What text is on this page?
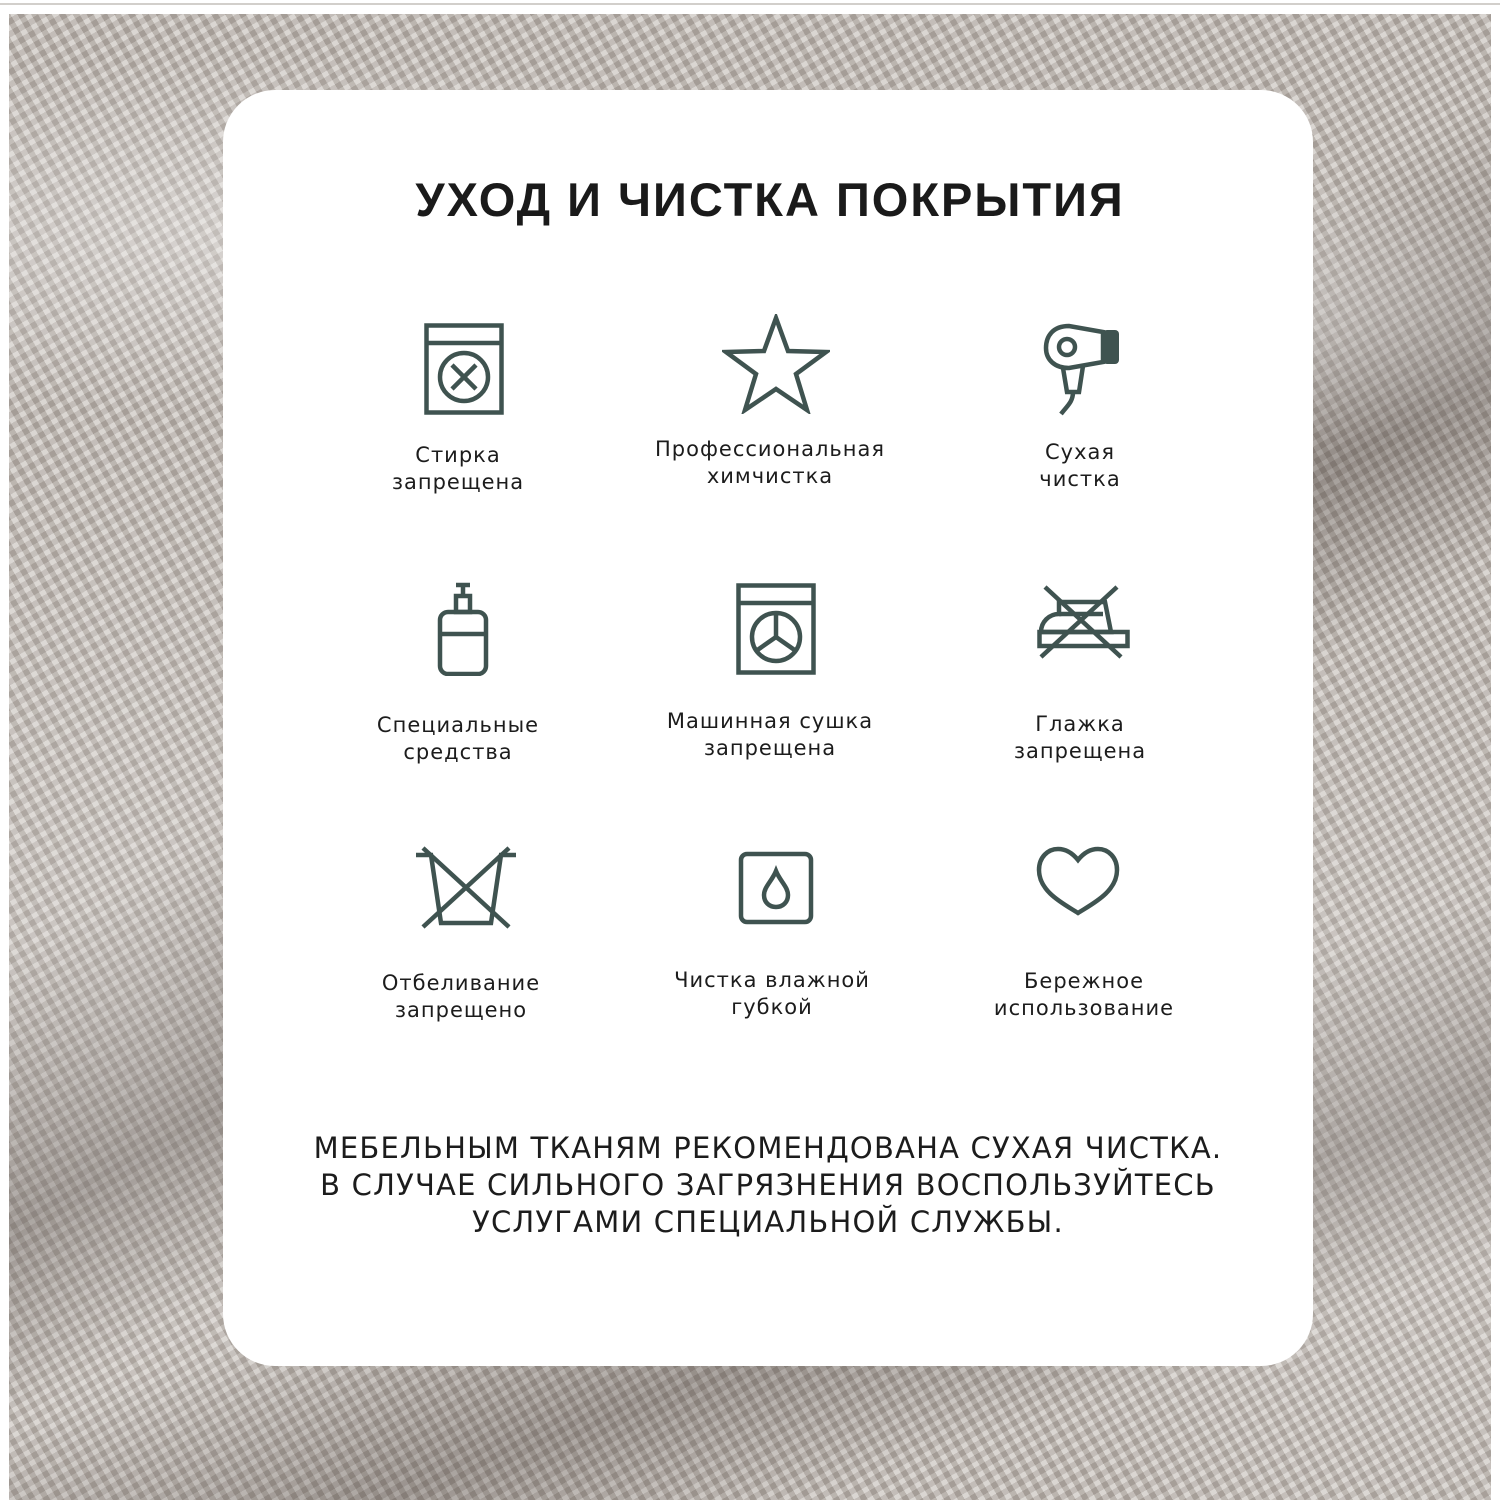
УХОД И ЧИСТКА ПОКРЫТИЯ
Стирка
запрещена
Профессиональная
химчистка
Сухая
чистка
Специальные
средства
Машинная сушка
запрещена
Глажка
запрещена
Отбеливание
запрещено
Чистка влажной
губкой
Бережное
использование
МЕБЕЛЬНЫМ ТКАНЯМ РЕКОМЕНДОВАНА СУХАЯ ЧИСТКА.
В СЛУЧАЕ СИЛЬНОГО ЗАГРЯЗНЕНИЯ ВОСПОЛЬЗУЙТЕСЬ
УСЛУГАМИ СПЕЦИАЛЬНОЙ СЛУЖБЫ.
